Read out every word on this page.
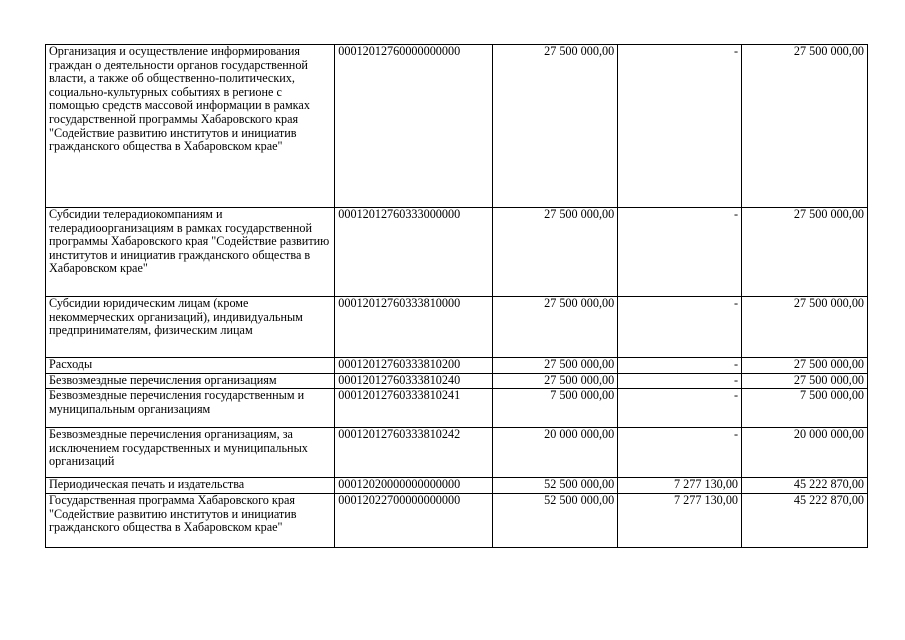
Организация и осуществление информирования граждан о деятельности органов государственной власти, а также об общественно-политических, социально-культурных событиях в регионе с помощью средств массовой информации в рамках государственной программы Хабаровского края "Содействие развитию институтов и инициатив гражданского общества в Хабаровском крае"	00012012760000000000	27 500 000,00	-	27 500 000,00
Субсидии телерадиокомпаниям и телерадиоорганизациям в рамках государственной программы Хабаровского края "Содействие развитию институтов и инициатив гражданского общества в Хабаровском крае"	00012012760333000000	27 500 000,00	-	27 500 000,00
Субсидии юридическим лицам (кроме некоммерческих организаций), индивидуальным предпринимателям, физическим лицам	00012012760333810000	27 500 000,00	-	27 500 000,00
Расходы	00012012760333810200	27 500 000,00	-	27 500 000,00
Безвозмездные перечисления организациям	00012012760333810240	27 500 000,00	-	27 500 000,00
Безвозмездные перечисления государственным и муниципальным организациям	00012012760333810241	7 500 000,00	-	7 500 000,00
Безвозмездные перечисления организациям, за исключением государственных и муниципальных организаций	00012012760333810242	20 000 000,00	-	20 000 000,00
Периодическая печать и издательства	00012020000000000000	52 500 000,00	7 277 130,00	45 222 870,00
Государственная программа Хабаровского края "Содействие развитию институтов и инициатив гражданского общества в Хабаровском крае"	00012022700000000000	52 500 000,00	7 277 130,00	45 222 870,00
